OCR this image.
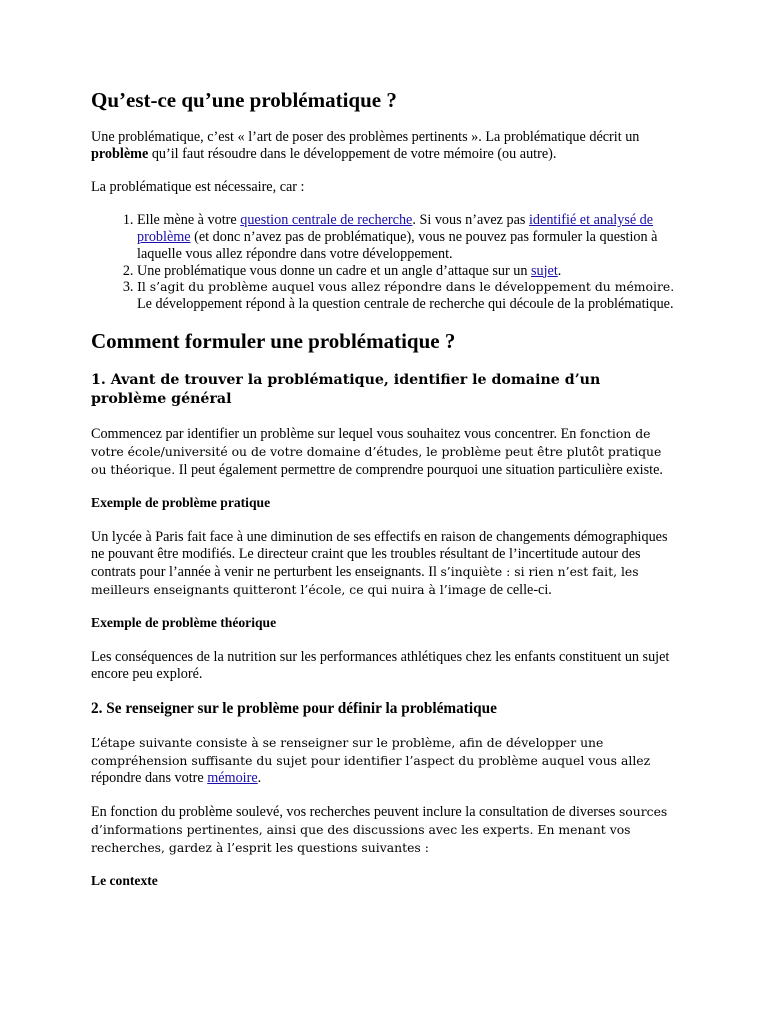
Qu’est-ce qu’une problématique ?

Une problématique, c’est « l’art de poser des problèmes pertinents ». La problématique décrit un problème qu’il faut résoudre dans le développement de votre mémoire (ou autre).

La problématique est nécessaire, car :

1. Elle mène à votre question centrale de recherche. Si vous n’avez pas identifié et analysé de problème (et donc n’avez pas de problématique), vous ne pouvez pas formuler la question à laquelle vous allez répondre dans votre développement.
2. Une problématique vous donne un cadre et un angle d’attaque sur un sujet.
3. Il s’agit du problème auquel vous allez répondre dans le développement du mémoire. Le développement répond à la question centrale de recherche qui découle de la problématique.
Comment formuler une problématique ?
1. Avant de trouver la problématique, identifier le domaine d’un problème général

Commencez par identifier un problème sur lequel vous souhaitez vous concentrer. En fonction de votre école/université ou de votre domaine d’études, le problème peut être plutôt pratique ou théorique. Il peut également permettre de comprendre pourquoi une situation particulière existe.

Exemple de problème pratique

Un lycée à Paris fait face à une diminution de ses effectifs en raison de changements démographiques ne pouvant être modifiés. Le directeur craint que les troubles résultant de l’incertitude autour des contrats pour l’année à venir ne perturbent les enseignants. Il s’inquiète : si rien n’est fait, les meilleurs enseignants quitteront l’école, ce qui nuira à l’image de celle-ci.

Exemple de problème théorique

Les conséquences de la nutrition sur les performances athlétiques chez les enfants constituent un sujet encore peu exploré.

2. Se renseigner sur le problème pour définir la problématique

L’étape suivante consiste à se renseigner sur le problème, afin de développer une compréhension suffisante du sujet pour identifier l’aspect du problème auquel vous allez répondre dans votre mémoire.

En fonction du problème soulevé, vos recherches peuvent inclure la consultation de diverses sources d’informations pertinentes, ainsi que des discussions avec les experts. En menant vos recherches, gardez à l’esprit les questions suivantes :

Le contexte
